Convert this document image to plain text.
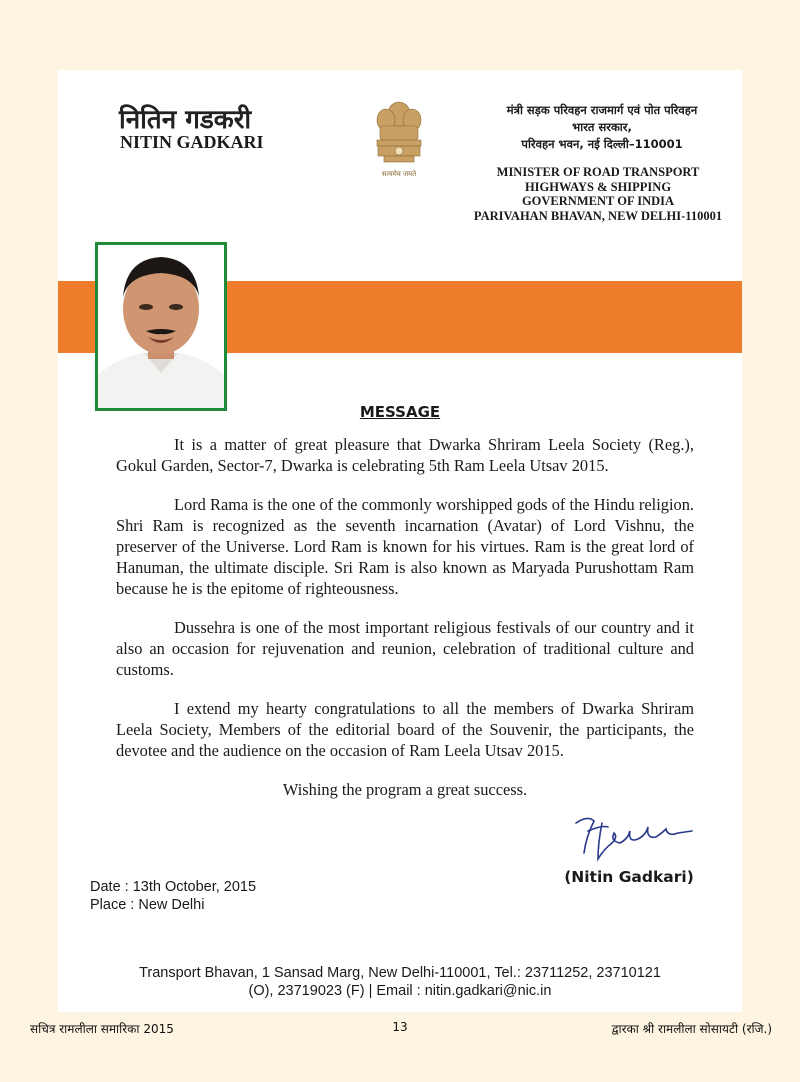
नितिन गडकरी
NITIN GADKARI
सत्यमेव जयते
मंत्री सड़क परिवहन राजमार्ग एवं पोत परिवहन
भारत सरकार,
परिवहन भवन, नई दिल्ली–110001
MINISTER OF ROAD TRANSPORT
HIGHWAYS & SHIPPING
GOVERNMENT OF INDIA
PARIVAHAN BHAVAN, NEW DELHI-110001
MESSAGE

It is a matter of great pleasure that Dwarka Shriram Leela Society (Reg.), Gokul Garden, Sector-7, Dwarka is celebrating 5th Ram Leela Utsav 2015.

Lord Rama is the one of the commonly worshipped gods of the Hindu religion. Shri Ram is recognized as the seventh incarnation (Avatar) of Lord Vishnu, the preserver of the Universe. Lord Ram is known for his virtues. Ram is the great lord of Hanuman, the ultimate disciple. Sri Ram is also known as Maryada Purushottam Ram because he is the epitome of righteousness.

Dussehra is one of the most important religious festivals of our country and it also an occasion for rejuvenation and reunion, celebration of traditional culture and customs.

I extend my hearty congratulations to all the members of Dwarka Shriram Leela Society, Members of the editorial board of the Souvenir, the participants, the devotee and the audience on the occasion of Ram Leela Utsav 2015.

Wishing the program a great success.

(Nitin Gadkari)
Date : 13th October, 2015
Place : New Delhi
Transport Bhavan, 1 Sansad Marg, New Delhi-110001, Tel.: 23711252, 23710121
(O), 23719023 (F) | Email : nitin.gadkari@nic.in
सचित्र रामलीला समारिका 2015	13	द्वारका श्री रामलीला सोसायटी (रजि.)
